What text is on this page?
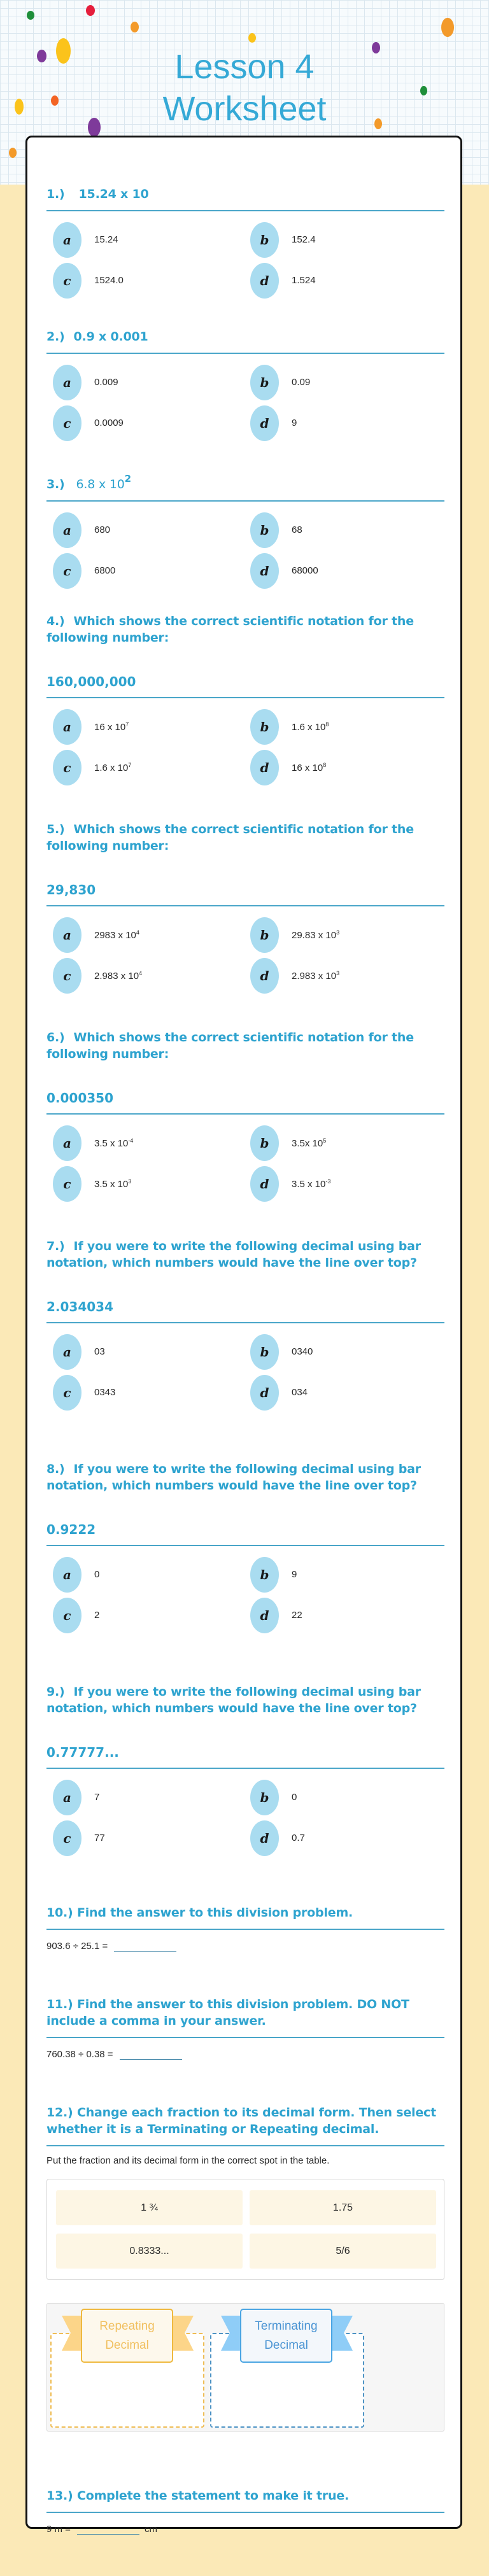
Lesson 4
Worksheet
1.) 15.24 x 10
a	15.24	b	152.4
c	1524.0	d	1.524
2.) 0.9 x 0.001
a	0.009	b	0.09
c	0.0009	d	9
3.) 6.8 x $10^2$
a	680	b	68
c	6800	d	68000
4.) Which shows the correct scientific notation for the following number:
160,000,000
a	16 x $10^7$	b	1.6 x $10^8$
c	1.6 x $10^7$	d	16 x $10^8$
5.) Which shows the correct scientific notation for the following number:
29,830
a	2983 x $10^4$	b	29.83 x $10^3$
c	2.983 x $10^4$	d	2.983 x $10^3$
6.) Which shows the correct scientific notation for the following number:
0.000350
a	3.5 x $10^{-4}$	b	3.5x $10^5$
c	3.5 x $10^3$	d	3.5 x $10^{-3}$
7.) If you were to write the following decimal using bar notation, which numbers would have the line over top?
2.034034
a	03	b	0340
c	0343	d	034
8.) If you were to write the following decimal using bar notation, which numbers would have the line over top?
0.9222
a	0	b	9
c	2	d	22
9.) If you were to write the following decimal using bar notation, which numbers would have the line over top?
0.77777...
a	7	b	0
c	77	d	0.7
10.) Find the answer to this division problem.
903.6 ÷ 25.1 =
11.) Find the answer to this division problem. DO NOT include a comma in your answer.
760.38 ÷ 0.38 =
12.) Change each fraction to its decimal form. Then select whether it is a Terminating or Repeating decimal.
Put the fraction and its decimal form in the correct spot in the table.
1 ¾	1.75
0.8333...	5/6
Repeating
Decimal
Terminating
Decimal
13.) Complete the statement to make it true.
9 m =	cm
